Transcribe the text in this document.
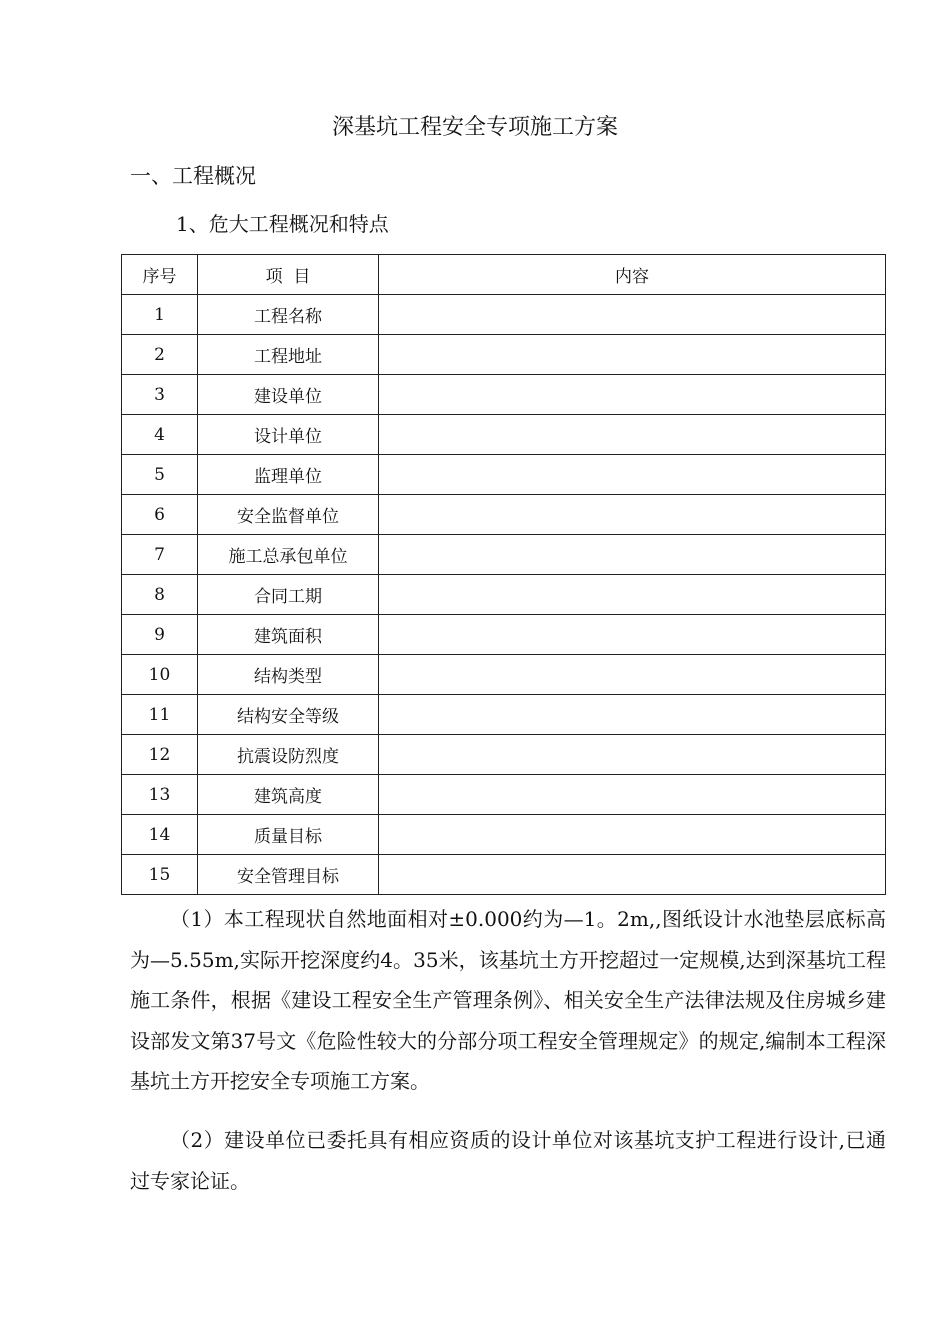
深基坑工程安全专项施工方案
一、工程概况
1、危大工程概况和特点
序号	项  目	内容
1	工程名称	
2	工程地址	
3	建设单位	
4	设计单位	
5	监理单位	
6	安全监督单位	
7	施工总承包单位	
8	合同工期	
9	建筑面积	
10	结构类型	
11	结构安全等级	
12	抗震设防烈度	
13	建筑高度	
14	质量目标	
15	安全管理目标	

（1）本工程现状自然地面相对±0.000约为—1。2m,,图纸设计水池垫层底标高为—5.55m,实际开挖深度约4。35米，该基坑土方开挖超过一定规模,达到深基坑工程施工条件，根据《建设工程安全生产管理条例》、相关安全生产法律法规及住房城乡建设部发文第37号文《危险性较大的分部分项工程安全管理规定》的规定,编制本工程深基坑土方开挖安全专项施工方案。

（2）建设单位已委托具有相应资质的设计单位对该基坑支护工程进行设计,已通过专家论证。
